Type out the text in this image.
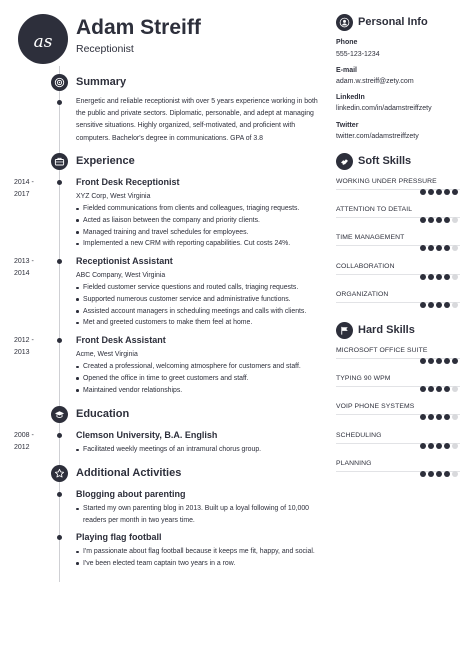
as
Adam Streiff
Receptionist
Summary
Energetic and reliable receptionist with over 5 years experience working in both the public and private sectors. Diplomatic, personable, and adept at managing sensitive situations. Highly organized, self-motivated, and proficient with computers. Bachelor's degree in communications. GPA of 3.8
Experience
2014 -
2017
Front Desk Receptionist
XYZ Corp, West Virginia
Fielded communications from clients and colleagues, triaging requests.
Acted as liaison between the company and priority clients.
Managed training and travel schedules for employees.
Implemented a new CRM with reporting capabilities. Cut costs 24%.
2013 -
2014
Receptionist Assistant
ABC Company, West Virginia
Fielded customer service questions and routed calls, triaging requests.
Supported numerous customer service and administrative functions.
Assisted account managers in scheduling meetings and calls with clients.
Met and greeted customers to make them feel at home.
2012 -
2013
Front Desk Assistant
Acme, West Virginia
Created a professional, welcoming atmosphere for customers and staff.
Opened the office in time to greet customers and staff.
Maintained vendor relationships.
Education
2008 -
2012
Clemson University, B.A. English
Facilitated weekly meetings of an intramural chorus group.
Additional Activities
Blogging about parenting
Started my own parenting blog in 2013. Built up a loyal following of 10,000 readers per month in two years time.
Playing flag football
I'm passionate about flag football because it keeps me fit, happy, and social.
I've been elected team captain two years in a row.
Personal Info
Phone
555-123-1234
E-mail
adam.w.streiff@zety.com
LinkedIn
linkedin.com/in/adamstreiffzety
Twitter
twitter.com/adamstreiffzety
Soft Skills
WORKING UNDER PRESSURE
ATTENTION TO DETAIL
TIME MANAGEMENT
COLLABORATION
ORGANIZATION
Hard Skills
MICROSOFT OFFICE SUITE
TYPING 90 WPM
VOIP PHONE SYSTEMS
SCHEDULING
PLANNING
